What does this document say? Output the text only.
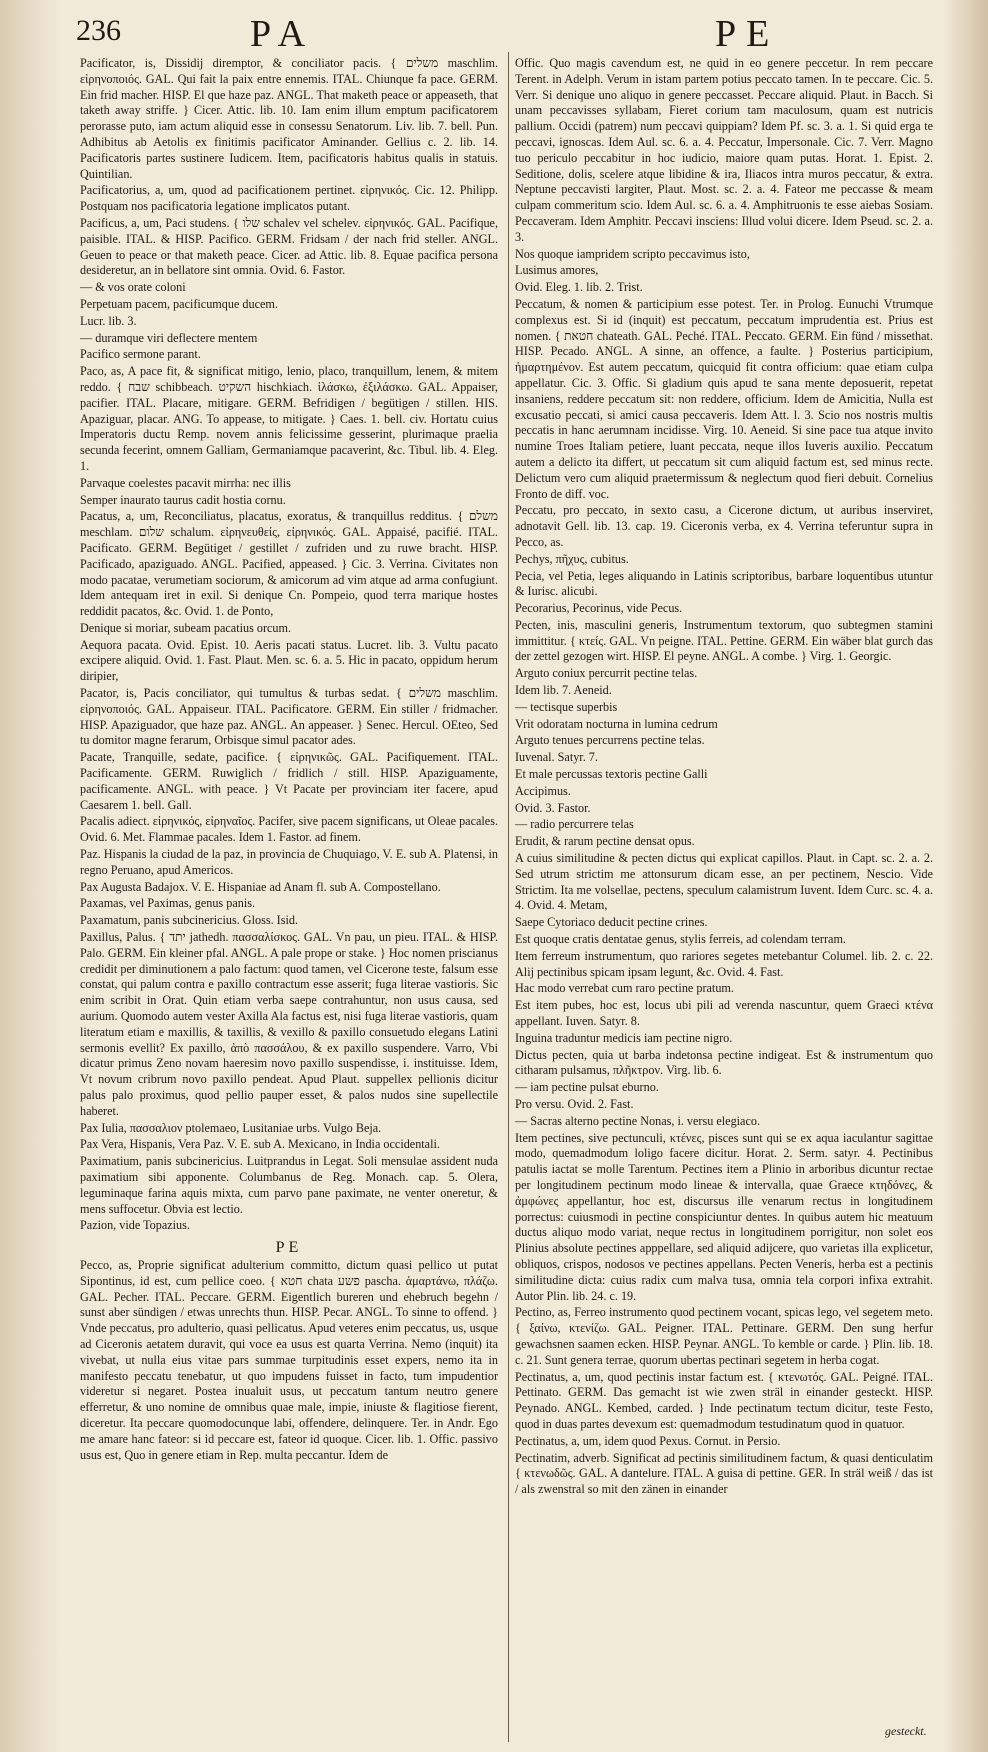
236	PA	PE

Pacificator, is, Dissidij diremptor, & conciliator pacis. { משלים maschlim. εἰρηνοποιός. GAL. Qui fait la paix entre ennemis. ITAL. Chiunque fa pace. GERM. Ein frid macher. HISP. El que haze paz. ANGL. That maketh peace or appeaseth, that taketh away striffe. } Cicer. Attic. lib. 10. Iam enim illum emptum pacificatorem perorasse puto, iam actum aliquid esse in consessu Senatorum. Liv. lib. 7. bell. Pun. Adhibitus ab Aetolis ex finitimis pacificator Aminander. Gellius c. 2. lib. 14. Pacificatoris partes sustinere Iudicem. Item, pacificatoris habitus qualis in statuis. Quintilian.

Pacificatorius, a, um, quod ad pacificationem pertinet. εἰρηνικός. Cic. 12. Philipp. Postquam nos pacificatoria legatione implicatos putant.

Pacificus, a, um, Paci studens. { שלו schalev vel schelev. εἰρηνικός. GAL. Pacifique, paisible. ITAL. & HISP. Pacifico. GERM. Fridsam / der nach frid steller. ANGL. Geuen to peace or that maketh peace. Cicer. ad Attic. lib. 8. Equae pacifica persona desideretur, an in bellatore sint omnia. Ovid. 6. Fastor.

— & vos orate coloni

Perpetuam pacem, pacificumque ducem.

Lucr. lib. 3.

— duramque viri deflectere mentem

Pacifico sermone parant.

Paco, as, A pace fit, & significat mitigo, lenio, placo, tranquillum, lenem, & mitem reddo. { שבח schibbeach. השקיט hischkiach. ἱλάσκω, ἐξιλάσκω. GAL. Appaiser, pacifier. ITAL. Placare, mitigare. GERM. Befridigen / begütigen / stillen. HIS. Apaziguar, placar. ANG. To appease, to mitigate. } Caes. 1. bell. civ. Hortatu cuius Imperatoris ductu Remp. novem annis felicissime gesserint, plurimaque praelia secunda fecerint, omnem Galliam, Germaniamque pacaverint, &c. Tibul. lib. 4. Eleg. 1.

Parvaque coelestes pacavit mirrha: nec illis

Semper inaurato taurus cadit hostia cornu.

Pacatus, a, um, Reconciliatus, placatus, exoratus, & tranquillus redditus. { משלם meschlam. שלום schalum. εἰρηνευθείς, εἰρηνικός. GAL. Appaisé, pacifié. ITAL. Pacificato. GERM. Begütiget / gestillet / zufriden und zu ruwe bracht. HISP. Pacificado, apaziguado. ANGL. Pacified, appeased. } Cic. 3. Verrina. Civitates non modo pacatae, verumetiam sociorum, & amicorum ad vim atque ad arma confugiunt. Idem antequam iret in exil. Si denique Cn. Pompeio, quod terra marique hostes reddidit pacatos, &c. Ovid. 1. de Ponto,

Denique si moriar, subeam pacatius orcum.

Aequora pacata. Ovid. Epist. 10. Aeris pacati status. Lucret. lib. 3. Vultu pacato excipere aliquid. Ovid. 1. Fast. Plaut. Men. sc. 6. a. 5. Hic in pacato, oppidum herum diripier,

Pacator, is, Pacis conciliator, qui tumultus & turbas sedat. { משלים maschlim. εἰρηνοποιός. GAL. Appaiseur. ITAL. Pacificatore. GERM. Ein stiller / fridmacher. HISP. Apaziguador, que haze paz. ANGL. An appeaser. } Senec. Hercul. OEteo, Sed tu domitor magne ferarum, Orbisque simul pacator ades.

Pacate, Tranquille, sedate, pacifice. { εἰρηνικῶς. GAL. Pacifiquement. ITAL. Pacificamente. GERM. Ruwiglich / fridlich / still. HISP. Apaziguamente, pacificamente. ANGL. with peace. } Vt Pacate per provinciam iter facere, apud Caesarem 1. bell. Gall.

Pacalis adiect. εἰρηνικός, εἰρηναῖος. Pacifer, sive pacem significans, ut Oleae pacales. Ovid. 6. Met. Flammae pacales. Idem 1. Fastor. ad finem.

Paz. Hispanis la ciudad de la paz, in provincia de Chuquiago, V. E. sub A. Platensi, in regno Peruano, apud Americos.

Pax Augusta Badajox. V. E. Hispaniae ad Anam fl. sub A. Compostellano.

Paxamas, vel Paximas, genus panis.

Paxamatum, panis subcinericius. Gloss. Isid.

Paxillus, Palus. { יתד jathedh. πασσαλίσκος. GAL. Vn pau, un pieu. ITAL. & HISP. Palo. GERM. Ein kleiner pfal. ANGL. A pale prope or stake. } Hoc nomen priscianus credidit per diminutionem a palo factum: quod tamen, vel Cicerone teste, falsum esse constat, qui palum contra e paxillo contractum esse asserit; fuga literae vastioris. Sic enim scribit in Orat. Quin etiam verba saepe contrahuntur, non usus causa, sed aurium. Quomodo autem vester Axilla Ala factus est, nisi fuga literae vastioris, quam literatum etiam e maxillis, & taxillis, & vexillo & paxillo consuetudo elegans Latini sermonis evellit? Ex paxillo, ἀπὸ πασσάλου, & ex paxillo suspendere. Varro, Vbi dicatur primus Zeno novam haeresim novo paxillo suspendisse, i. instituisse. Idem, Vt novum cribrum novo paxillo pendeat. Apud Plaut. suppellex pellionis dicitur palus palo proximus, quod pellio pauper esset, & palos nudos sine supellectile haberet.

Pax Iulia, πασσαλιον ptolemaeo, Lusitaniae urbs. Vulgo Beja.

Pax Vera, Hispanis, Vera Paz. V. E. sub A. Mexicano, in India occidentali.

Paximatium, panis subcinericius. Luitprandus in Legat. Soli mensulae assident nuda paximatium sibi apponente. Columbanus de Reg. Monach. cap. 5. Olera, leguminaque farina aquis mixta, cum parvo pane paximate, ne venter oneretur, & mens suffocetur. Obvia est lectio.

Pazion, vide Topazius.

PE

Pecco, as, Proprie significat adulterium committo, dictum quasi pellico ut putat Sipontinus, id est, cum pellice coeo. { חטא chata פשע pascha. ἁμαρτάνω, πλάζω. GAL. Pecher. ITAL. Peccare. GERM. Eigentlich bureren und ehebruch begehn / sunst aber sündigen / etwas unrechts thun. HISP. Pecar. ANGL. To sinne to offend. } Vnde peccatus, pro adulterio, quasi pellicatus. Apud veteres enim peccatus, us, usque ad Ciceronis aetatem duravit, qui voce ea usus est quarta Verrina. Nemo (inquit) ita vivebat, ut nulla eius vitae pars summae turpitudinis esset expers, nemo ita in manifesto peccatu tenebatur, ut quo impudens fuisset in facto, tum impudentior videretur si negaret. Postea inualuit usus, ut peccatum tantum neutro genere efferretur, & uno nomine de omnibus quae male, impie, iniuste & flagitiose fierent, diceretur. Ita peccare quomodocunque labi, offendere, delinquere. Ter. in Andr. Ego me amare hanc fateor: si id peccare est, fateor id quoque. Cicer. lib. 1. Offic. passivo usus est, Quo in genere etiam in Rep. multa peccantur. Idem de

Offic. Quo magis cavendum est, ne quid in eo genere peccetur. In rem peccare Terent. in Adelph. Verum in istam partem potius peccato tamen. In te peccare. Cic. 5. Verr. Si denique uno aliquo in genere peccasset. Peccare aliquid. Plaut. in Bacch. Si unam peccavisses syllabam, Fieret corium tam maculosum, quam est nutricis pallium. Occidi (patrem) num peccavi quippiam? Idem Pf. sc. 3. a. 1. Si quid erga te peccavi, ignoscas. Idem Aul. sc. 6. a. 4. Peccatur, Impersonale. Cic. 7. Verr. Magno tuo periculo peccabitur in hoc iudicio, maiore quam putas. Horat. 1. Epist. 2. Seditione, dolis, scelere atque libidine & ira, Iliacos intra muros peccatur, & extra. Neptune peccavisti largiter, Plaut. Most. sc. 2. a. 4. Fateor me peccasse & meam culpam commeritum scio. Idem Aul. sc. 6. a. 4. Amphitruonis te esse aiebas Sosiam. Peccaveram. Idem Amphitr. Peccavi insciens: Illud volui dicere. Idem Pseud. sc. 2. a. 3.

Nos quoque iampridem scripto peccavimus isto,

Lusimus amores,

Ovid. Eleg. 1. lib. 2. Trist.

Peccatum, & nomen & participium esse potest. Ter. in Prolog. Eunuchi Vtrumque complexus est. Si id (inquit) est peccatum, peccatum imprudentia est. Prius est nomen. { חטאת chateath. GAL. Peché. ITAL. Peccato. GERM. Ein fünd / missethat. HISP. Pecado. ANGL. A sinne, an offence, a faulte. } Posterius participium, ἡμαρτημένον. Est autem peccatum, quicquid fit contra officium: quae etiam culpa appellatur. Cic. 3. Offic. Si gladium quis apud te sana mente deposuerit, repetat insaniens, reddere peccatum sit: non reddere, officium. Idem de Amicitia, Nulla est excusatio peccati, si amici causa peccaveris. Idem Att. l. 3. Scio nos nostris multis peccatis in hanc aerumnam incidisse. Virg. 10. Aeneid. Si sine pace tua atque invito numine Troes Italiam petiere, luant peccata, neque illos Iuveris auxilio. Peccatum autem a delicto ita differt, ut peccatum sit cum aliquid factum est, sed minus recte. Delictum vero cum aliquid praetermissum & neglectum quod fieri debuit. Cornelius Fronto de diff. voc.

Peccatu, pro peccato, in sexto casu, a Cicerone dictum, ut auribus inserviret, adnotavit Gell. lib. 13. cap. 19. Ciceronis verba, ex 4. Verrina teferuntur supra in Pecco, as.

Pechys, πῆχυς, cubitus.

Pecia, vel Petia, leges aliquando in Latinis scriptoribus, barbare loquentibus utuntur & Iurisc. alicubi.

Pecorarius, Pecorinus, vide Pecus.

Pecten, inis, masculini generis, Instrumentum textorum, quo subtegmen stamini immittitur. { κτείς. GAL. Vn peigne. ITAL. Pettine. GERM. Ein wäber blat gurch das der zettel gezogen wirt. HISP. El peyne. ANGL. A combe. } Virg. 1. Georgic.

Arguto coniux percurrit pectine telas.

Idem lib. 7. Aeneid.

— tectisque superbis

Vrit odoratam nocturna in lumina cedrum

Arguto tenues percurrens pectine telas.

Iuvenal. Satyr. 7.

Et male percussas textoris pectine Galli

Accipimus.

Ovid. 3. Fastor.

— radio percurrere telas

Erudit, & rarum pectine densat opus.

A cuius similitudine & pecten dictus qui explicat capillos. Plaut. in Capt. sc. 2. a. 2. Sed utrum strictim me attonsurum dicam esse, an per pectinem, Nescio. Vide Strictim. Ita me volsellae, pectens, speculum calamistrum Iuvent. Idem Curc. sc. 4. a. 4. Ovid. 4. Metam,

Saepe Cytoriaco deducit pectine crines.

Est quoque cratis dentatae genus, stylis ferreis, ad colendam terram.

Item ferreum instrumentum, quo rariores segetes metebantur Columel. lib. 2. c. 22. Alij pectinibus spicam ipsam legunt, &c. Ovid. 4. Fast.

Hac modo verrebat cum raro pectine pratum.

Est item pubes, hoc est, locus ubi pili ad verenda nascuntur, quem Graeci κτένα appellant. Iuven. Satyr. 8.

Inguina traduntur medicis iam pectine nigro.

Dictus pecten, quia ut barba indetonsa pectine indigeat. Est & instrumentum quo citharam pulsamus, πλῆκτρον. Virg. lib. 6.

— iam pectine pulsat eburno.

Pro versu. Ovid. 2. Fast.

— Sacras alterno pectine Nonas, i. versu elegiaco.

Item pectines, sive pectunculi, κτένες, pisces sunt qui se ex aqua iaculantur sagittae modo, quemadmodum loligo facere dicitur. Horat. 2. Serm. satyr. 4. Pectinibus patulis iactat se molle Tarentum. Pectines item a Plinio in arboribus dicuntur rectae per longitudinem pectinum modo lineae & intervalla, quae Graece κτηδόνες, & ἀμφώνες appellantur, hoc est, discursus ille venarum rectus in longitudinem porrectus: cuiusmodi in pectine conspiciuntur dentes. In quibus autem hic meatuum ductus aliquo modo variat, neque rectus in longitudinem porrigitur, non solet eos Plinius absolute pectines apppellare, sed aliquid adijcere, quo varietas illa explicetur, obliquos, crispos, nodosos ve pectines appellans. Pecten Veneris, herba est a pectinis similitudine dicta: cuius radix cum malva tusa, omnia tela corpori infixa extrahit. Autor Plin. lib. 24. c. 19.

Pectino, as, Ferreo instrumento quod pectinem vocant, spicas lego, vel segetem meto. { ξαίνω, κτενίζω. GAL. Peigner. ITAL. Pettinare. GERM. Den sung herfur gewachsnen saamen ecken. HISP. Peynar. ANGL. To kemble or carde. } Plin. lib. 18. c. 21. Sunt genera terrae, quorum ubertas pectinari segetem in herba cogat.

Pectinatus, a, um, quod pectinis instar factum est. { κτενωτός. GAL. Peigné. ITAL. Pettinato. GERM. Das gemacht ist wie zwen sträl in einander gesteckt. HISP. Peynado. ANGL. Kembed, carded. } Inde pectinatum tectum dicitur, teste Festo, quod in duas partes devexum est: quemadmodum testudinatum quod in quatuor.

Pectinatus, a, um, idem quod Pexus. Cornut. in Persio.

Pectinatim, adverb. Significat ad pectinis similitudinem factum, & quasi denticulatim { κτενωδῶς. GAL. A dantelure. ITAL. A guisa di pettine. GER. In sträl weiß / das ist / als zwenstral so mit den zänen in einander

gesteckt.
